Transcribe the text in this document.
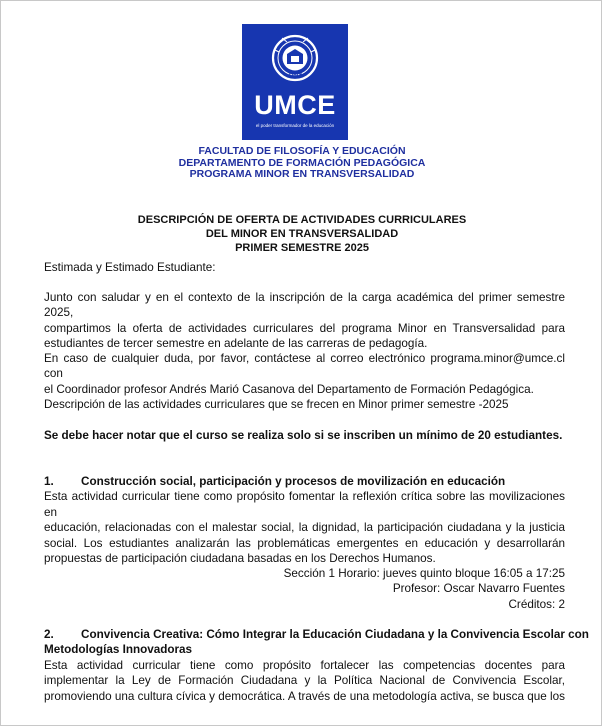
1889
UMCE
el poder transformador de la educación
FACULTAD DE FILOSOFÍA Y EDUCACIÓN
DEPARTAMENTO DE FORMACIÓN PEDAGÓGICA
PROGRAMA MINOR EN TRANSVERSALIDAD
DESCRIPCIÓN DE OFERTA DE ACTIVIDADES CURRICULARES
DEL MINOR EN TRANSVERSALIDAD
PRIMER SEMESTRE 2025
Estimada y Estimado Estudiante:
Junto con saludar y en el contexto de la inscripción de la carga académica del primer semestre 2025,
compartimos la oferta de actividades curriculares del programa Minor en Transversalidad para
estudiantes de tercer semestre en adelante de las carreras de pedagogía.
En caso de cualquier duda, por favor, contáctese al correo electrónico programa.minor@umce.cl con
el Coordinador profesor Andrés Marió Casanova del Departamento de Formación Pedagógica.
Descripción de las actividades curriculares que se frecen en Minor primer semestre -2025
Se debe hacer notar que el curso se realiza solo si se inscriben un mínimo de 20 estudiantes.
1.	Construcción social, participación y procesos de movilización en educación
Esta actividad curricular tiene como propósito fomentar la reflexión crítica sobre las movilizaciones en
educación, relacionadas con el malestar social, la dignidad, la participación ciudadana y la justicia
social. Los estudiantes analizarán las problemáticas emergentes en educación y desarrollarán
propuestas de participación ciudadana basadas en los Derechos Humanos.
Sección 1 Horario: jueves quinto bloque 16:05 a 17:25
Profesor: Oscar Navarro Fuentes
Créditos: 2
2.	Convivencia Creativa: Cómo Integrar la Educación Ciudadana y la Convivencia Escolar con
Metodologías Innovadoras
Esta actividad curricular tiene como propósito fortalecer las competencias docentes para
implementar la Ley de Formación Ciudadana y la Política Nacional de Convivencia Escolar,
promoviendo una cultura cívica y democrática. A través de una metodología activa, se busca que los
